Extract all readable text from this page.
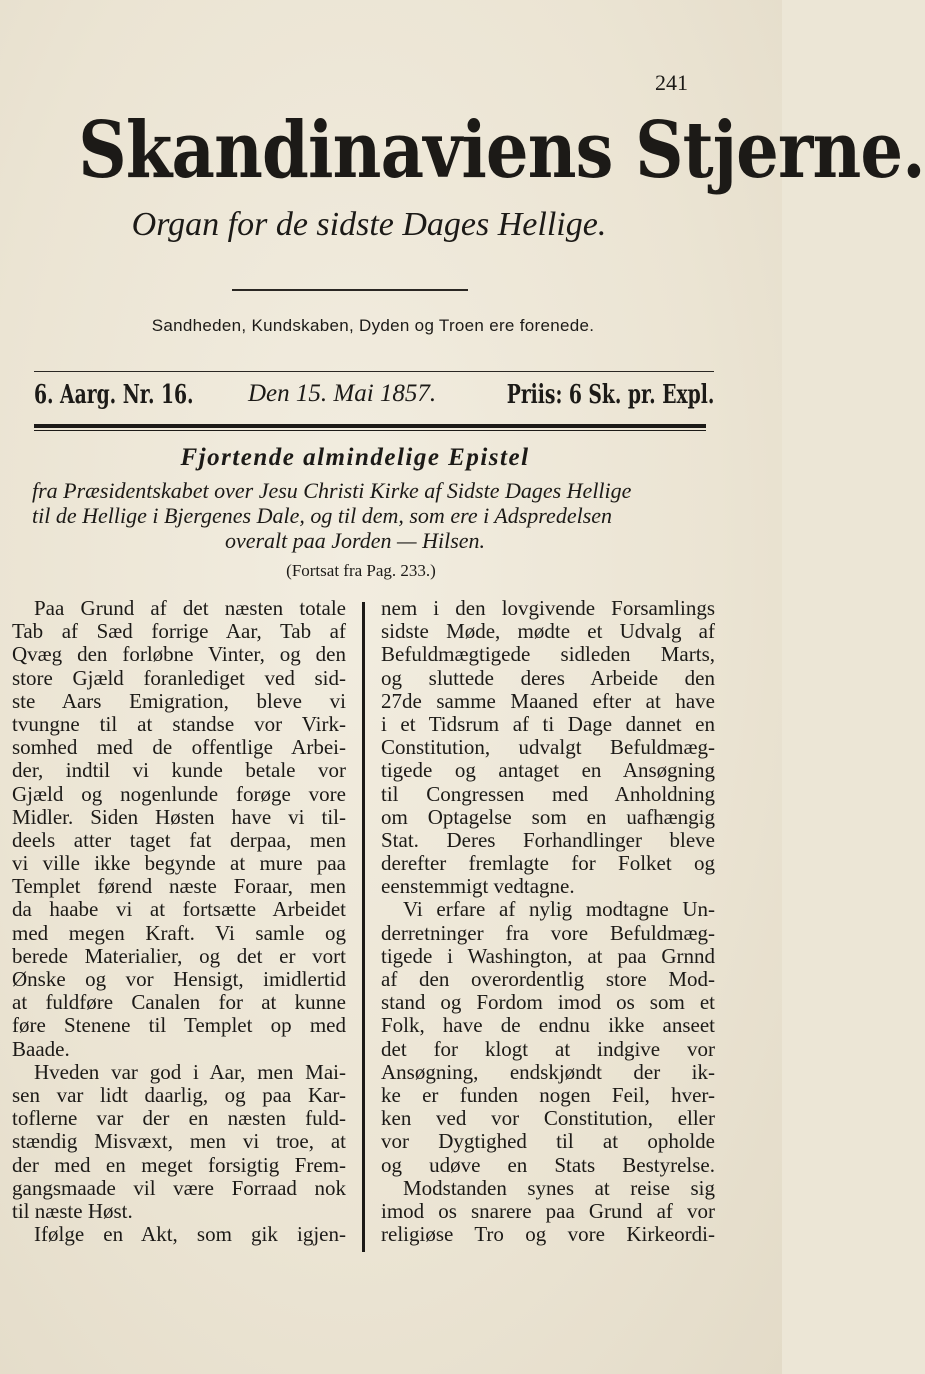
241
Skandinaviens Stjerne.
Organ for de sidste Dages Hellige.
Sandheden, Kundskaben, Dyden og Troen ere forenede.
6. Aarg. Nr. 16. Den 15. Mai 1857.	Priis: 6 Sk. pr. Expl.
Fjortende almindelige Epistel
fra Præsidentskabet over Jesu Christi Kirke af Sidste Dages Hellige
til de Hellige i Bjergenes Dale, og til dem, som ere i Adspredelsen
overalt paa Jorden — Hilsen.
(Fortsat fra Pag. 233.)
Paa Grund af det næsten totale
Tab af Sæd forrige Aar, Tab af
Qvæg den forløbne Vinter, og den
store Gjæld foranlediget ved sid-
ste Aars Emigration, bleve vi
tvungne til at standse vor Virk-
somhed med de offentlige Arbei-
der, indtil vi kunde betale vor
Gjæld og nogenlunde forøge vore
Midler. Siden Høsten have vi til-
deels atter taget fat derpaa, men
vi ville ikke begynde at mure paa
Templet førend næste Foraar, men
da haabe vi at fortsætte Arbeidet
med megen Kraft. Vi samle og
berede Materialier, og det er vort
Ønske og vor Hensigt, imidlertid
at fuldføre Canalen for at kunne
føre Stenene til Templet op med
Baade.
Hveden var god i Aar, men Mai-
sen var lidt daarlig, og paa Kar-
toflerne var der en næsten fuld-
stændig Misvæxt, men vi troe, at
der med en meget forsigtig Frem-
gangsmaade vil være Forraad nok
til næste Høst.
Ifølge en Akt, som gik igjen-
nem i den lovgivende Forsamlings
sidste Møde, mødte et Udvalg af
Befuldmægtigede sidleden Marts,
og sluttede deres Arbeide den
27de samme Maaned efter at have
i et Tidsrum af ti Dage dannet en
Constitution, udvalgt Befuldmæg-
tigede og antaget en Ansøgning
til Congressen med Anholdning
om Optagelse som en uafhængig
Stat. Deres Forhandlinger bleve
derefter fremlagte for Folket og
eenstemmigt vedtagne.
Vi erfare af nylig modtagne Un-
derretninger fra vore Befuldmæg-
tigede i Washington, at paa Grnnd
af den overordentlig store Mod-
stand og Fordom imod os som et
Folk, have de endnu ikke anseet
det for klogt at indgive vor
Ansøgning, endskjøndt der ik-
ke er funden nogen Feil, hver-
ken ved vor Constitution, eller
vor Dygtighed til at opholde
og udøve en Stats Bestyrelse.
Modstanden synes at reise sig
imod os snarere paa Grund af vor
religiøse Tro og vore Kirkeordi-
